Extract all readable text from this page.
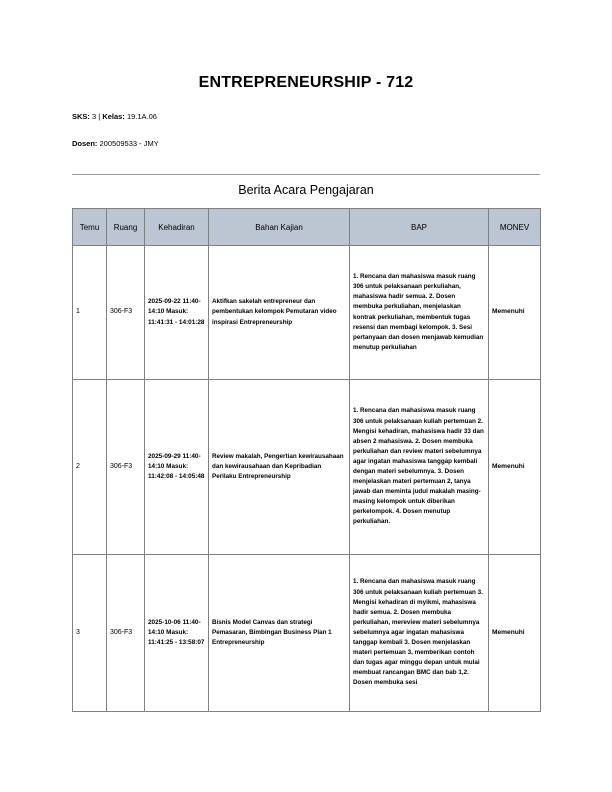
ENTREPRENEURSHIP - 712
SKS: 3 | Kelas: 19.1A.06
Dosen: 200509533 - JMY
Berita Acara Pengajaran
Temu	Ruang	Kehadiran	Bahan Kajian	BAP	MONEV
1	306-F3	2025-09-22 11:40-14:10 Masuk: 11:41:31 - 14:01:28	Aktifkan sakelah entrepreneur dan pembentukan kelompok Pemutaran video inspirasi Entrepreneurship	1. Rencana dan mahasiswa masuk ruang 306 untuk pelaksanaan perkuliahan, mahasiswa hadir semua. 2. Dosen membuka perkuliahan, menjelaskan kontrak perkuliahan, membentuk tugas resensi dan membagi kelompok. 3. Sesi pertanyaan dan dosen menjawab kemudian menutup perkuliahan	Memenuhi
2	306-F3	2025-09-29 11:40-14:10 Masuk: 11:42:08 - 14:05:48	Review makalah, Pengertian kewirausahaan dan kewirausahaan dan Kepribadian Perilaku Entrepreneurship	1. Rencana dan mahasiswa masuk ruang 306 untuk pelaksanaan kuliah pertemuan 2. Mengisi kehadiran, mahasiswa hadir 33 dan absen 2 mahasiswa. 2. Dosen membuka perkuliahan dan review materi sebelumnya agar ingatan mahasiswa tanggap kembali dengan materi sebelumnya. 3. Dosen menjelaskan materi pertemuan 2, tanya jawab dan meminta judul makalah masing-masing kelompok untuk diberikan perkelompok. 4. Dosen menutup perkuliahan.	Memenuhi
3	306-F3	2025-10-06 11:40-14:10 Masuk: 11:41:25 - 13:58:07	Bisnis Model Canvas dan strategi Pemasaran, Bimbingan Business Plan 1 Entrepreneurship	1. Rencana dan mahasiswa masuk ruang 306 untuk pelaksanaan kuliah pertemuan 3. Mengisi kehadiran di myikmi, mahasiswa hadir semua. 2. Dosen membuka perkuliahan, mereview materi sebelumnya sebelumnya agar ingatan mahasiswa tanggap kembali 3. Dosen menjelaskan materi pertemuan 3, memberikan contoh dan tugas agar minggu depan untuk mulai membuat rancangan BMC dan bab 1,2. Dosen membuka sesi	Memenuhi
